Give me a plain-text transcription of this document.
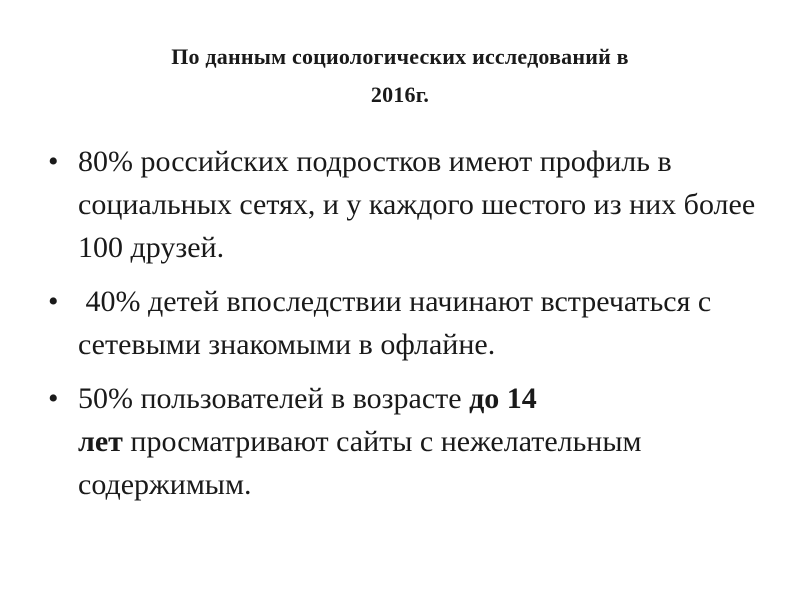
По данным социологических исследований в
2016г.
• 80% российских подростков имеют профиль в социальных сетях, и у каждого шестого из них более 100 друзей.
• 40% детей впоследствии начинают встречаться с сетевыми знакомыми в офлайне.
• 50% пользователей в возрасте до 14
лет просматривают сайты с нежелательным содержимым.
